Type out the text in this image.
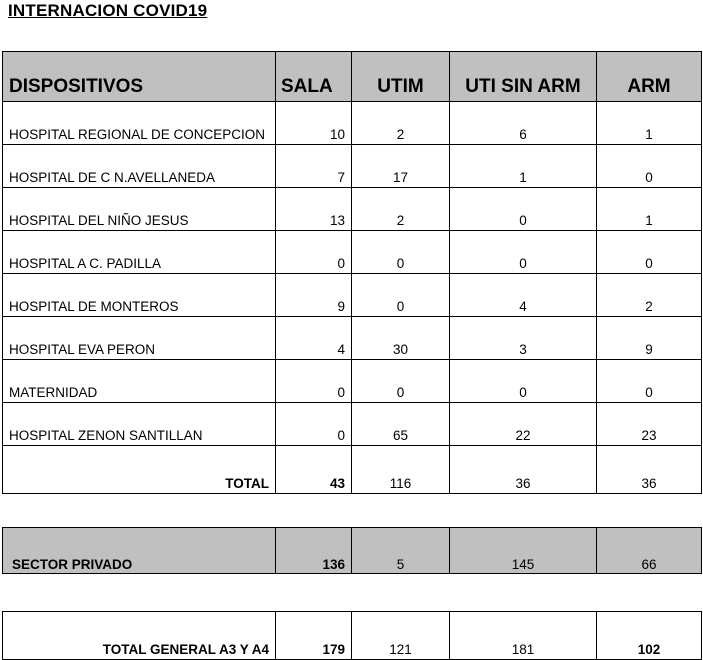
INTERNACION COVID19
DISPOSITIVOS	SALA	UTIM	UTI SIN ARM	ARM
HOSPITAL REGIONAL DE CONCEPCION	10	2	6	1
HOSPITAL DE C N.AVELLANEDA	7	17	1	0
HOSPITAL DEL NIÑO JESUS	13	2	0	1
HOSPITAL A C. PADILLA	0	0	0	0
HOSPITAL DE MONTEROS	9	0	4	2
HOSPITAL EVA PERON	4	30	3	9
MATERNIDAD	0	0	0	0
HOSPITAL ZENON SANTILLAN	0	65	22	23
TOTAL	43	116	36	36
SECTOR PRIVADO	136	5	145	66
TOTAL GENERAL A3 Y A4	179	121	181	102
